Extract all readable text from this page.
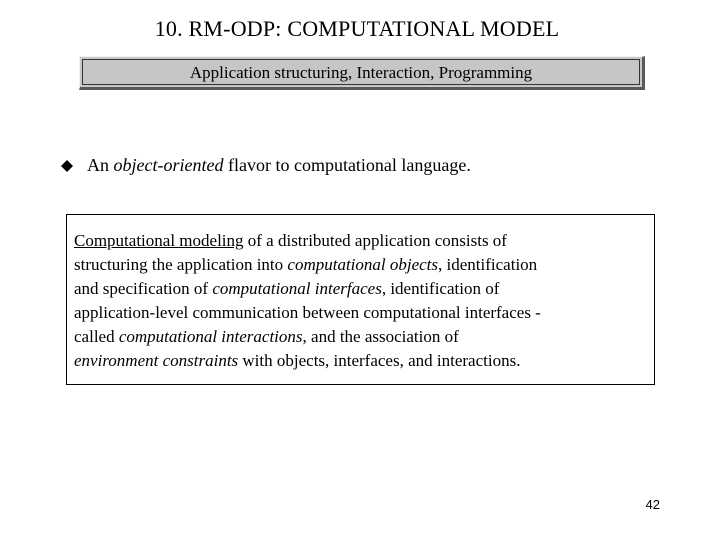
10. RM-ODP: COMPUTATIONAL MODEL
Application structuring, Interaction, Programming
An object-oriented flavor to computational language.
Computational modeling of a distributed application consists of
structuring the application into computational objects, identification
and specification of computational interfaces, identification of
application-level communication between computational interfaces -
called computational interactions, and the association of
environment constraints with objects, interfaces, and interactions.
42
